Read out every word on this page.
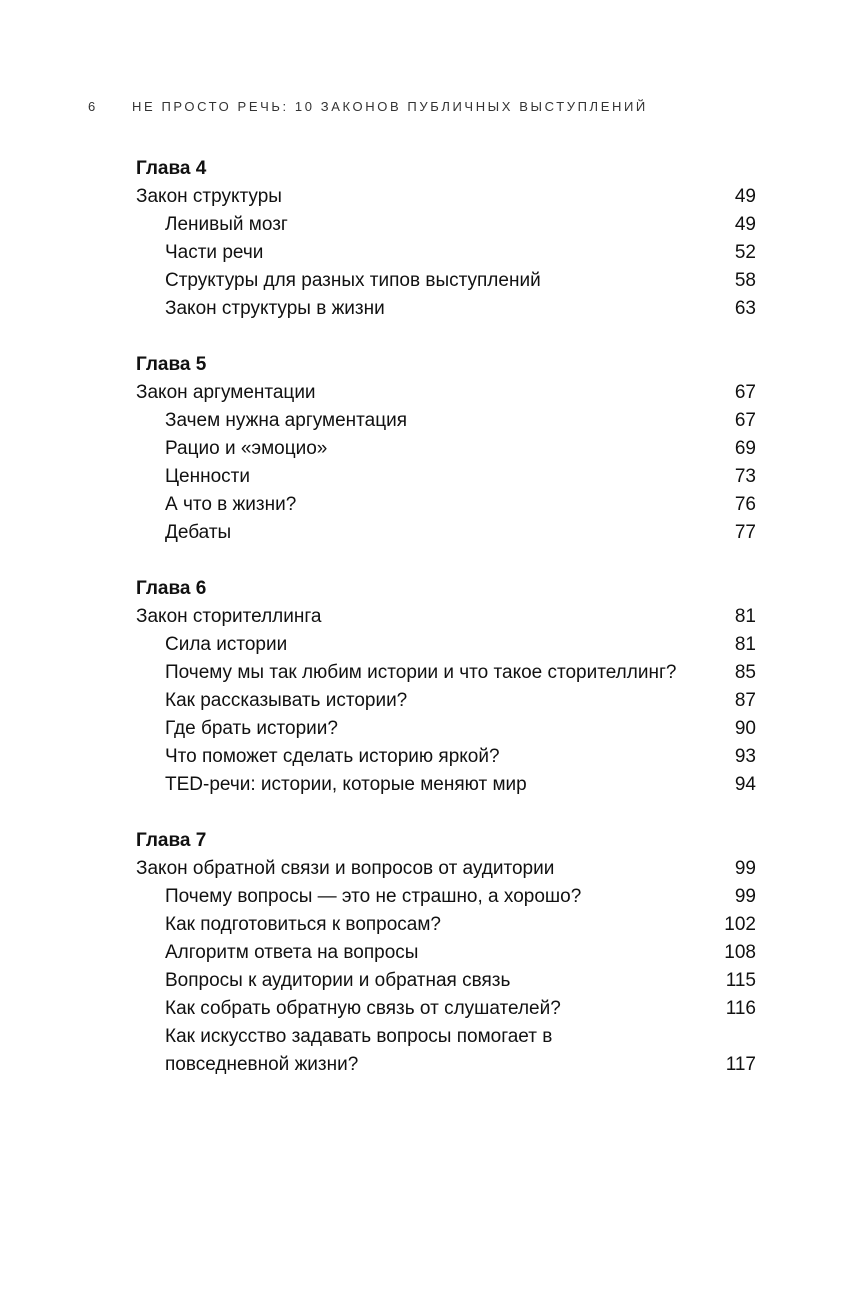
6	НЕ ПРОСТО РЕЧЬ: 10 ЗАКОНОВ ПУБЛИЧНЫХ ВЫСТУПЛЕНИЙ
Глава 4
Закон структуры	49
Ленивый мозг	49
Части речи	52
Структуры для разных типов выступлений	58
Закон структуры в жизни	63
Глава 5
Закон аргументации	67
Зачем нужна аргументация	67
Рацио и «эмоцио»	69
Ценности	73
А что в жизни?	76
Дебаты	77
Глава 6
Закон сторителлинга	81
Сила истории	81
Почему мы так любим истории и что такое сторителлинг?	85
Как рассказывать истории?	87
Где брать истории?	90
Что поможет сделать историю яркой?	93
TED-речи: истории, которые меняют мир	94
Глава 7
Закон обратной связи и вопросов от аудитории	99
Почему вопросы — это не страшно, а хорошо?	99
Как подготовиться к вопросам?	102
Алгоритм ответа на вопросы	108
Вопросы к аудитории и обратная связь	115
Как собрать обратную связь от слушателей?	116
Как искусство задавать вопросы помогает в повседневной жизни?	117
